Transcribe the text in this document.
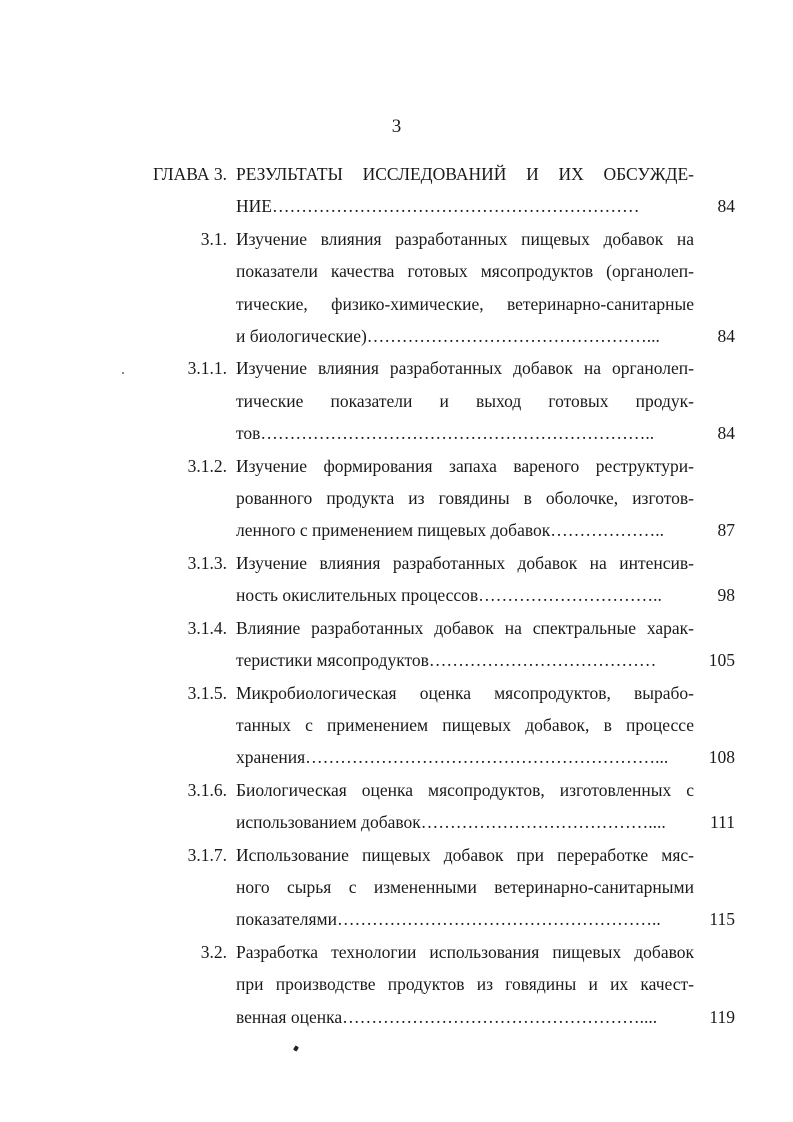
3
ГЛАВА 3. РЕЗУЛЬТАТЫ ИССЛЕДОВАНИЙ И ИХ ОБСУЖДЕ-
НИЕ………………………………………………………	84
3.1. Изучение влияния разработанных пищевых добавок на
показатели качества готовых мясопродуктов (органолеп-
тические, физико-химические, ветеринарно-санитарные
и биологические)…………………………………………...	84
3.1.1. Изучение влияния разработанных добавок на органолеп-
тические показатели и выход готовых продук-
тов…………………………………………………………..	84
3.1.2. Изучение формирования запаха вареного реструктури-
рованного продукта из говядины в оболочке, изготов-
ленного с применением пищевых добавок………………..	87
3.1.3. Изучение влияния разработанных добавок на интенсив-
ность окислительных процессов…………………………..	98
3.1.4. Влияние разработанных добавок на спектральные харак-
теристики мясопродуктов…………………………………	105
3.1.5. Микробиологическая оценка мясопродуктов, вырабо-
танных с применением пищевых добавок, в процессе
хранения……………………………………………………...	108
3.1.6. Биологическая оценка мясопродуктов, изготовленных с
использованием добавок…………………………………....	111
3.1.7. Использование пищевых добавок при переработке мяс-
ного сырья с измененными ветеринарно-санитарными
показателями………………………………………………..	115
3.2. Разработка технологии использования пищевых добавок
при производстве продуктов из говядины и их качест-
венная оценка……………………………………………....	119
